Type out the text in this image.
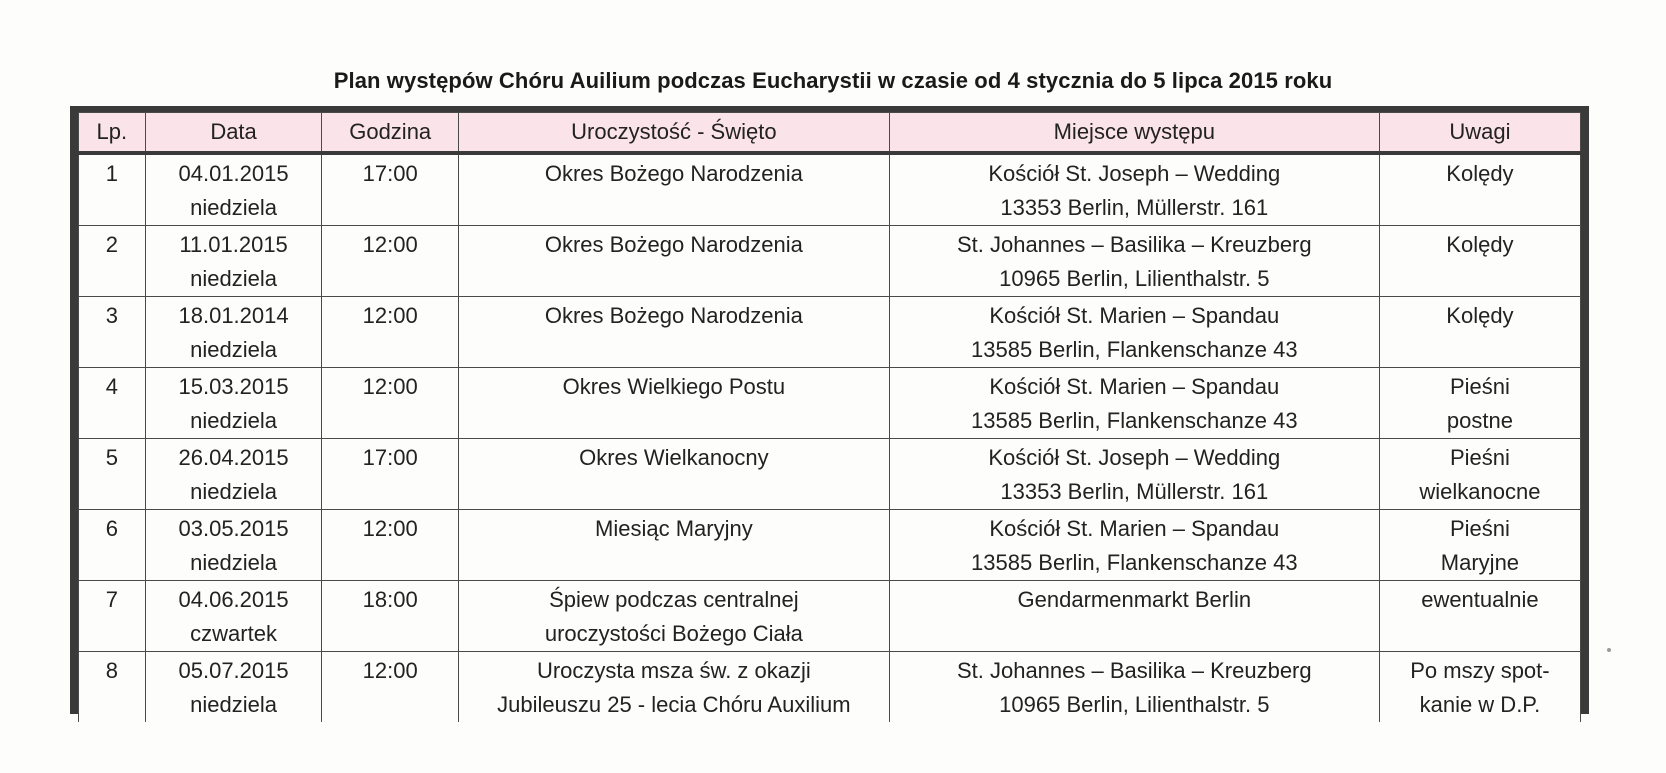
Plan występów Chóru Auilium podczas Eucharystii w czasie od 4 stycznia do 5 lipca 2015 roku
Lp.	Data	Godzina	Uroczystość - Święto	Miejsce występu	Uwagi
1	04.01.2015
niedziela	17:00	Okres Bożego Narodzenia	Kościół St. Joseph – Wedding
13353 Berlin, Müllerstr. 161	Kolędy

2	11.01.2015
niedziela	12:00	Okres Bożego Narodzenia	St. Johannes – Basilika – Kreuzberg
10965 Berlin, Lilienthalstr. 5	Kolędy

3	18.01.2014
niedziela	12:00	Okres Bożego Narodzenia	Kościół St. Marien – Spandau
13585 Berlin, Flankenschanze 43	Kolędy

4	15.03.2015
niedziela	12:00	Okres Wielkiego Postu	Kościół St. Marien – Spandau
13585 Berlin, Flankenschanze 43	Pieśni
postne

5	26.04.2015
niedziela	17:00	Okres Wielkanocny	Kościół St. Joseph – Wedding
13353 Berlin, Müllerstr. 161	Pieśni
wielkanocne

6	03.05.2015
niedziela	12:00	Miesiąc Maryjny	Kościół St. Marien – Spandau
13585 Berlin, Flankenschanze 43	Pieśni
Maryjne

7	04.06.2015
czwartek	18:00	Śpiew podczas centralnej
uroczystości Bożego Ciała	Gendarmenmarkt Berlin	ewentualnie

8	05.07.2015
niedziela	12:00	Uroczysta msza św. z okazji
Jubileuszu 25 - lecia Chóru Auxilium	St. Johannes – Basilika – Kreuzberg
10965 Berlin, Lilienthalstr. 5	Po mszy spot-
kanie w D.P.
